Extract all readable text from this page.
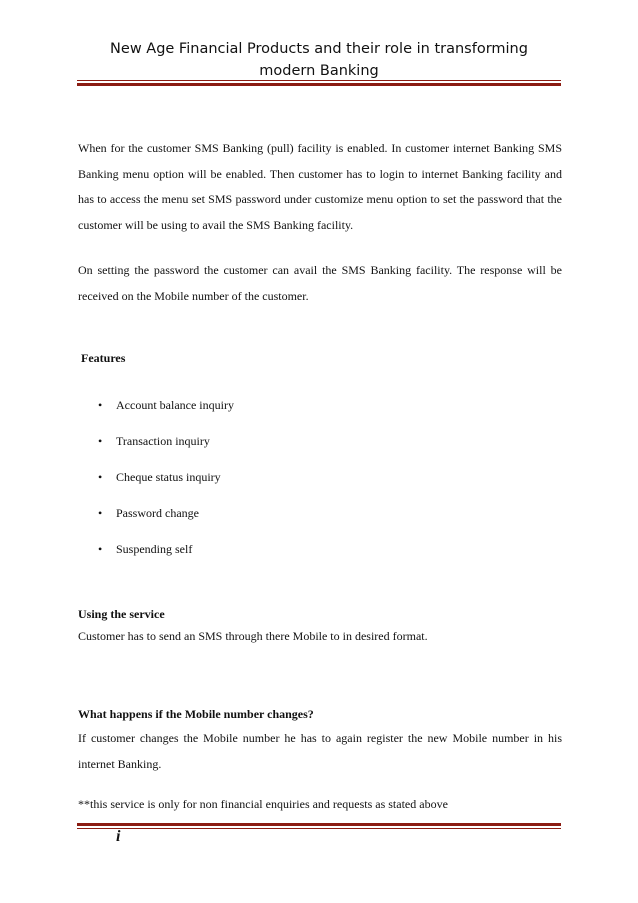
New Age Financial Products and their role in transforming
modern Banking

When for the customer SMS Banking (pull) facility is enabled. In customer internet Banking SMS Banking menu option will be enabled. Then customer has to login to internet Banking facility and has to access the menu set SMS password under customize menu option to set the password that the customer will be using to avail the SMS Banking facility.

On setting the password the customer can avail the SMS Banking facility. The response will be received on the Mobile number of the customer.

Features

• Account balance inquiry
• Transaction inquiry
• Cheque status inquiry
• Password change
• Suspending self

Using the service

Customer has to send an SMS through there Mobile to in desired format.

What happens if the Mobile number changes?

If customer changes the Mobile number he has to again register the new Mobile number in his internet Banking.

**this service is only for non financial enquiries and requests as stated above

i
